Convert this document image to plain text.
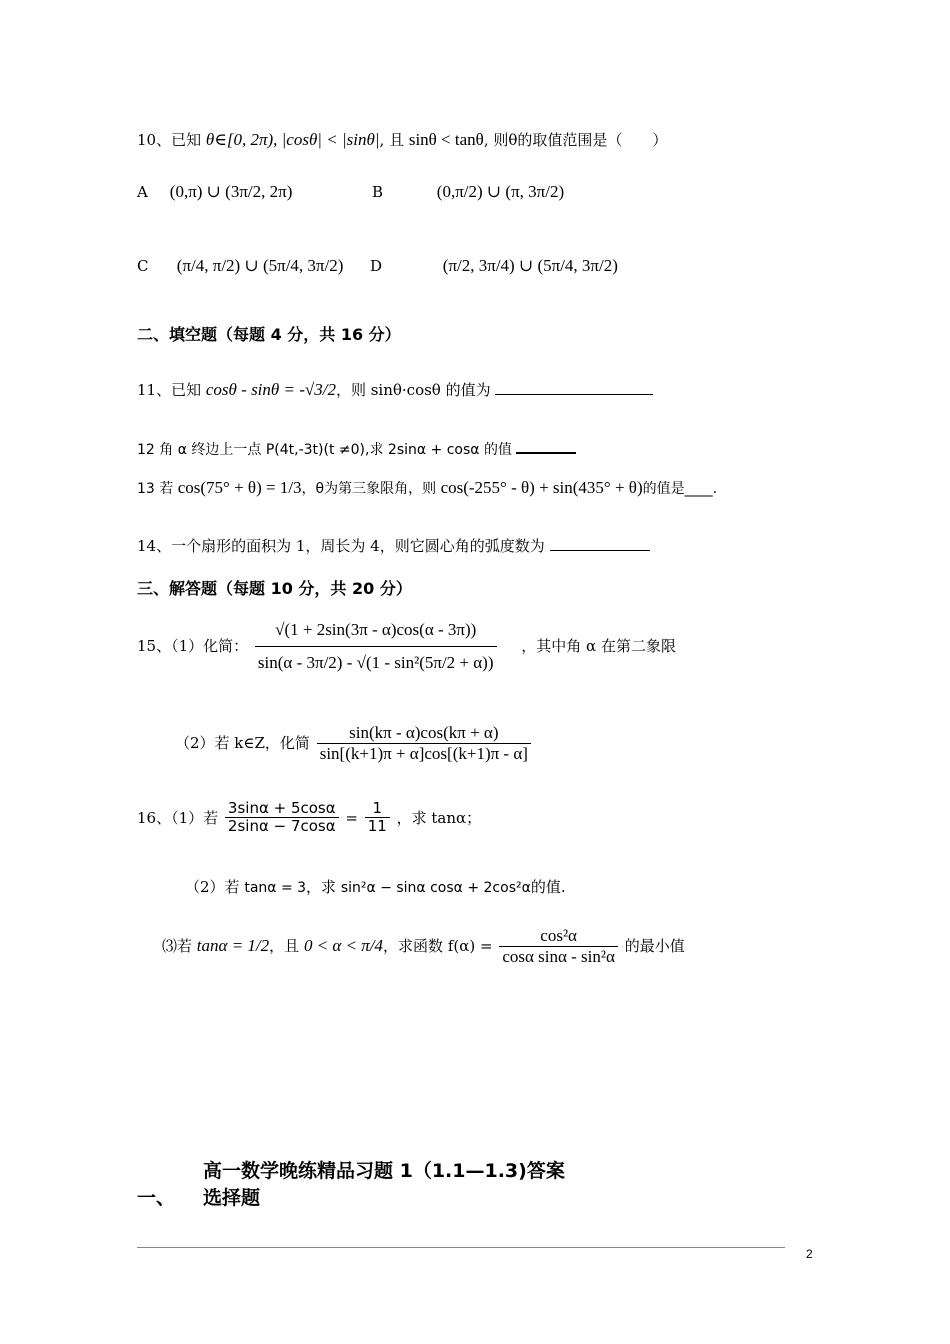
10、已知 θ∈[0, 2π), |cosθ| < |sinθ|, 且 sinθ < tanθ, 则θ的取值范围是（　　）
A (0,π) ∪ (3π/2, 2π)	B	(0,π/2) ∪ (π, 3π/2)
C (π/4, π/2) ∪ (5π/4, 3π/2) D	(π/2, 3π/4) ∪ (5π/4, 3π/2)
二、填空题（每题 4 分，共 16 分）
11、已知 cosθ - sinθ = -√3/2，则 sinθ·cosθ 的值为
12 角 α 终边上一点 P(4t,-3t)(t ≠0),求 2sinα + cosα 的值
13 若 cos(75° + θ) = 1/3，θ为第三象限角，则 cos(-255° - θ) + sin(435° + θ)的值是____.
14、一个扇形的面积为 1，周长为 4，则它圆心角的弧度数为
三、解答题（每题 10 分，共 20 分）
15、（1）化简： $\frac{√(1 + 2\sin(3\pi - \alpha)\cos(\alpha - 3\pi))}{\text{sin(α - 3π/2) - √(1 - sin²(5π/2 + α))}}$ ，其中角 α 在第二象限
（2）若 k∈Z，化简 $\frac{\sin(k\pi - \alpha)\cos(k\pi + \alpha)}{\sin[(k+1)\pi + \alpha]\cos[(k+1)\pi - \alpha]}$
16、（1）若 $\frac{3\sin\alpha + 5\cos\alpha}{2\sin\alpha - 7\cos\alpha} = \frac{1}{11}$ ，求 tanα；
（2）若 tanα = 3，求 sin²α − sinα cosα + 2cos²α的值.
⑶若 tanα = 1/2，且 0 < α < π/4，求函数 $f(\alpha) = \frac{\text{cos²α}}{\text{cosα sinα - sin²α}}$ 的最小值
高一数学晚练精品习题 1（1.1—1.3)答案
一、 选择题
2
